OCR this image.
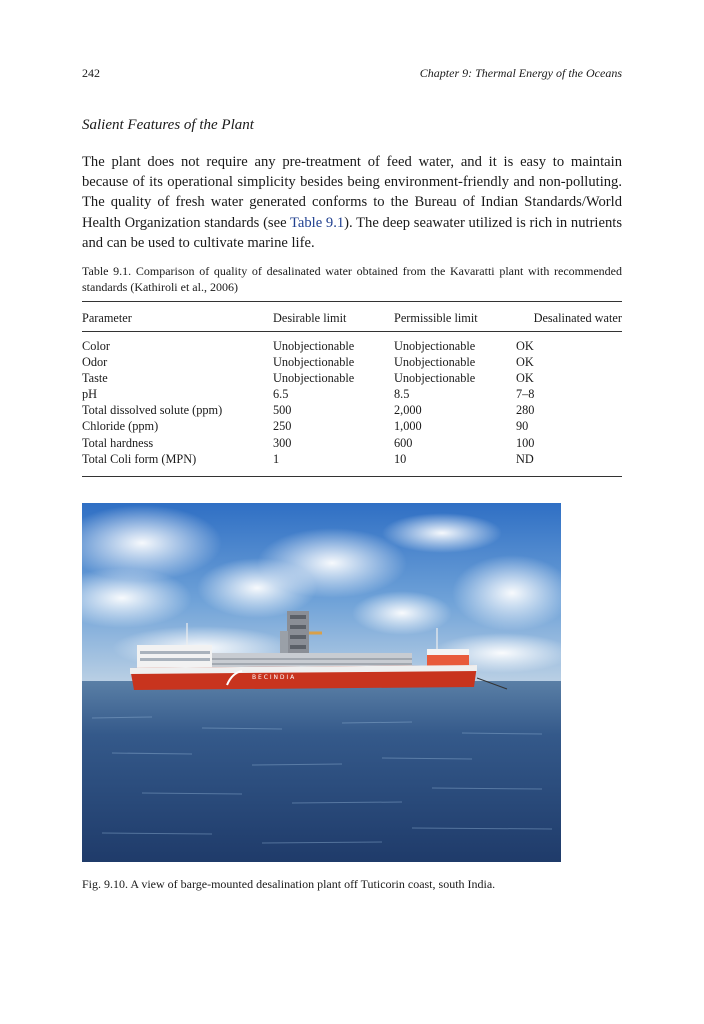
242	Chapter 9: Thermal Energy of the Oceans
Salient Features of the Plant
The plant does not require any pre-treatment of feed water, and it is easy to maintain because of its operational simplicity besides being environment-friendly and non-polluting. The quality of fresh water generated conforms to the Bureau of Indian Standards/World Health Organization standards (see Table 9.1). The deep seawater utilized is rich in nutrients and can be used to cultivate marine life.
Table 9.1. Comparison of quality of desalinated water obtained from the Kavaratti plant with recommended standards (Kathiroli et al., 2006)
Parameter	Desirable limit	Permissible limit	Desalinated water
Color	Unobjectionable	Unobjectionable	OK
Odor	Unobjectionable	Unobjectionable	OK
Taste	Unobjectionable	Unobjectionable	OK
pH	6.5	8.5	7–8
Total dissolved solute (ppm)	500	2,000	280
Chloride (ppm)	250	1,000	90
Total hardness	300	600	100
Total Coli form (MPN)	1	10	ND
B E C I N D I A
Fig. 9.10. A view of barge-mounted desalination plant off Tuticorin coast, south India.
